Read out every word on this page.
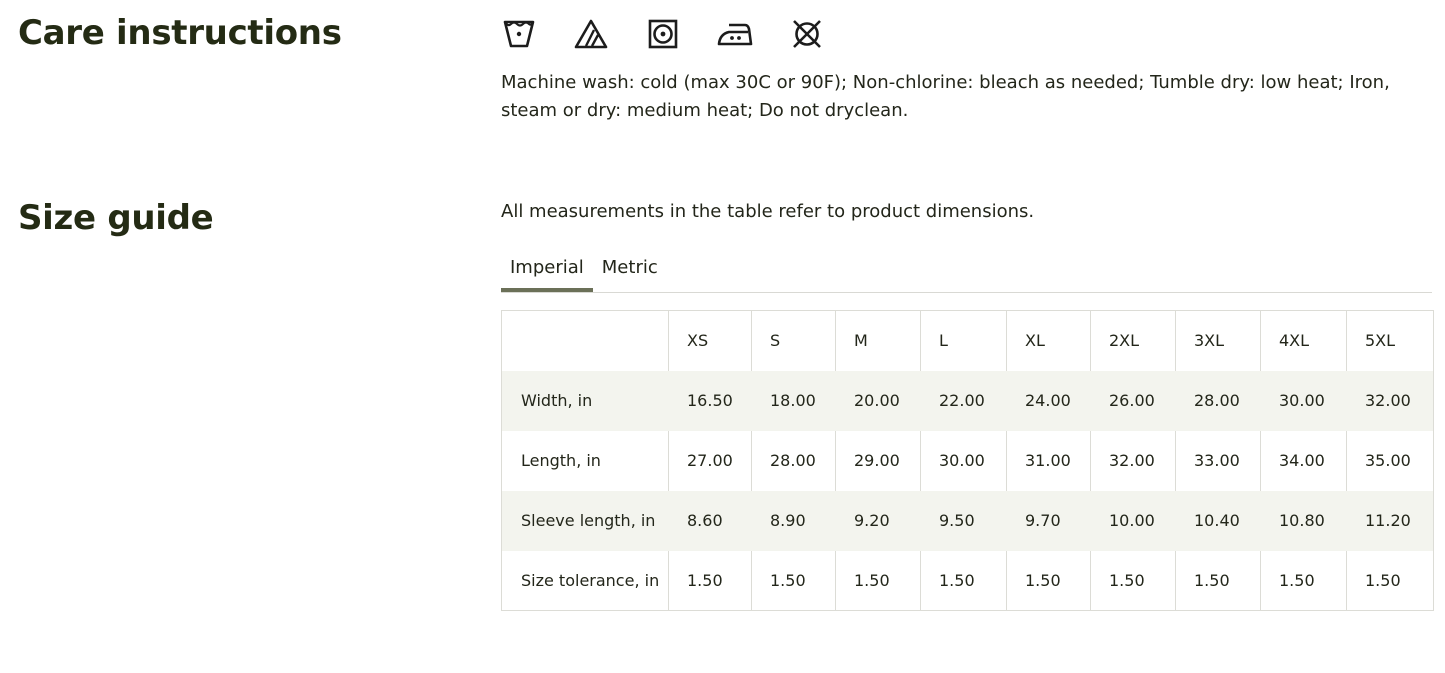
Care instructions

Machine wash: cold (max 30C or 90F); Non-chlorine: bleach as needed; Tumble dry: low heat; Iron, steam or dry: medium heat; Do not dryclean.

Size guide	All measurements in the table refer to product dimensions.

Imperial	Metric
	XS	S	M	L	XL	2XL	3XL	4XL	5XL
Width, in	16.50	18.00	20.00	22.00	24.00	26.00	28.00	30.00	32.00
Length, in	27.00	28.00	29.00	30.00	31.00	32.00	33.00	34.00	35.00
Sleeve length, in	8.60	8.90	9.20	9.50	9.70	10.00	10.40	10.80	11.20
Size tolerance, in	1.50	1.50	1.50	1.50	1.50	1.50	1.50	1.50	1.50
